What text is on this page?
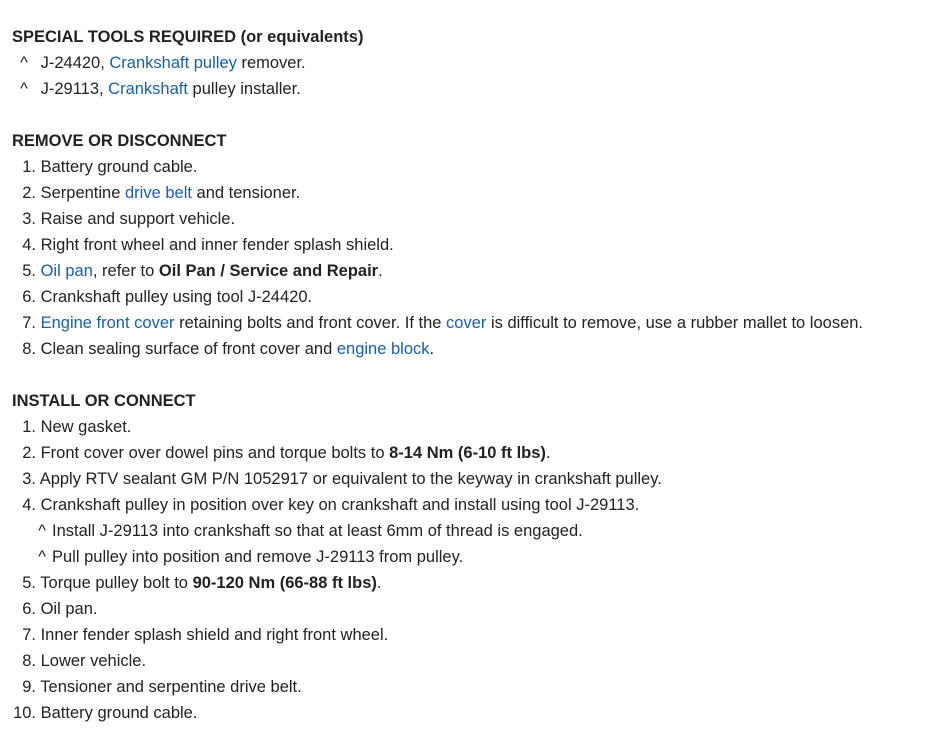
SPECIAL TOOLS REQUIRED (or equivalents)
^ J-24420, Crankshaft pulley remover.
^ J-29113, Crankshaft pulley installer.
REMOVE OR DISCONNECT
1. Battery ground cable.
2. Serpentine drive belt and tensioner.
3. Raise and support vehicle.
4. Right front wheel and inner fender splash shield.
5. Oil pan, refer to Oil Pan / Service and Repair.
6. Crankshaft pulley using tool J-24420.
7. Engine front cover retaining bolts and front cover. If the cover is difficult to remove, use a rubber mallet to loosen.
8. Clean sealing surface of front cover and engine block.
INSTALL OR CONNECT
1. New gasket.
2. Front cover over dowel pins and torque bolts to 8-14 Nm (6-10 ft lbs).
3. Apply RTV sealant GM P/N 1052917 or equivalent to the keyway in crankshaft pulley.
4. Crankshaft pulley in position over key on crankshaft and install using tool J-29113.
^ Install J-29113 into crankshaft so that at least 6mm of thread is engaged.
^ Pull pulley into position and remove J-29113 from pulley.
5. Torque pulley bolt to 90-120 Nm (66-88 ft lbs).
6. Oil pan.
7. Inner fender splash shield and right front wheel.
8. Lower vehicle.
9. Tensioner and serpentine drive belt.
10. Battery ground cable.
